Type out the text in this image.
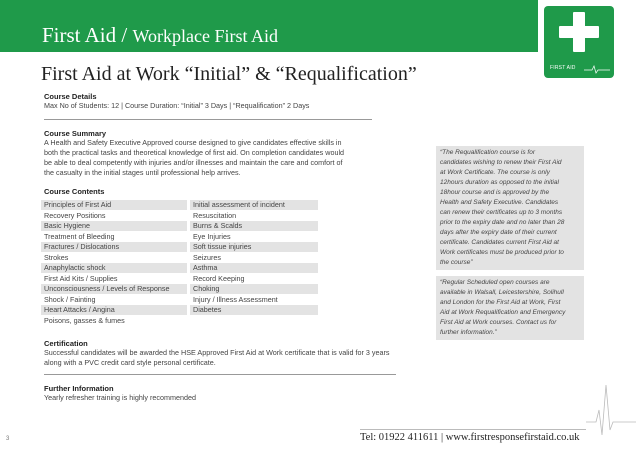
First Aid / Workplace First Aid
FIRST AID
First Aid at Work “Initial” & “Requalification”
Course Details
Max No of Students: 12 | Course Duration: “Initial” 3 Days | “Requalification” 2 Days
Course Summary
A Health and Safety Executive Approved course designed to give candidates effective skills in
both the practical tasks and theoretical knowledge of first aid. On completion candidates would
be able to deal competently with injuries and/or illnesses and maintain the care and comfort of
the casualty in the initial stages until professional help arrives.
Course Contents
Principles of First Aid	Initial assessment of incident
Recovery Positions	Resuscitation
Basic Hygiene	Burns & Scalds
Treatment of Bleeding	Eye Injuries
Fractures / Dislocations	Soft tissue injuries
Strokes	Seizures
Anaphylactic shock	Asthma
First Aid Kits / Supplies	Record Keeping
Unconsciousness / Levels of Response	Choking
Shock / Fainting	Injury / Illness Assessment
Heart Attacks / Angina	Diabetes
Poisons, gasses & fumes
Certification
Successful candidates will be awarded the HSE Approved First Aid at Work certificate that is valid for 3 years
along with a PVC credit card style personal certificate.
Further Information
Yearly refresher training is highly recommended
“The Requalification course is for
candidates wishing to renew their First Aid
at Work Certificate. The course is only
12hours duration as opposed to the initial
18hour course and is approved by the
Health and Safety Executive. Candidates
can renew their certificates up to 3 months
prior to the expiry date and no later than 28
days after the expiry date of their current
certificate. Candidates current First Aid at
Work certificates must be produced prior to
the course”
“Regular Scheduled open courses are
available in Walsall, Leicestershire, Solihull
and London for the First Aid at Work, First
Aid at Work Requalification and Emergency
First Aid at Work courses. Contact us for
further information.”
Tel: 01922 411611 | www.firstresponsefirstaid.co.uk
3
